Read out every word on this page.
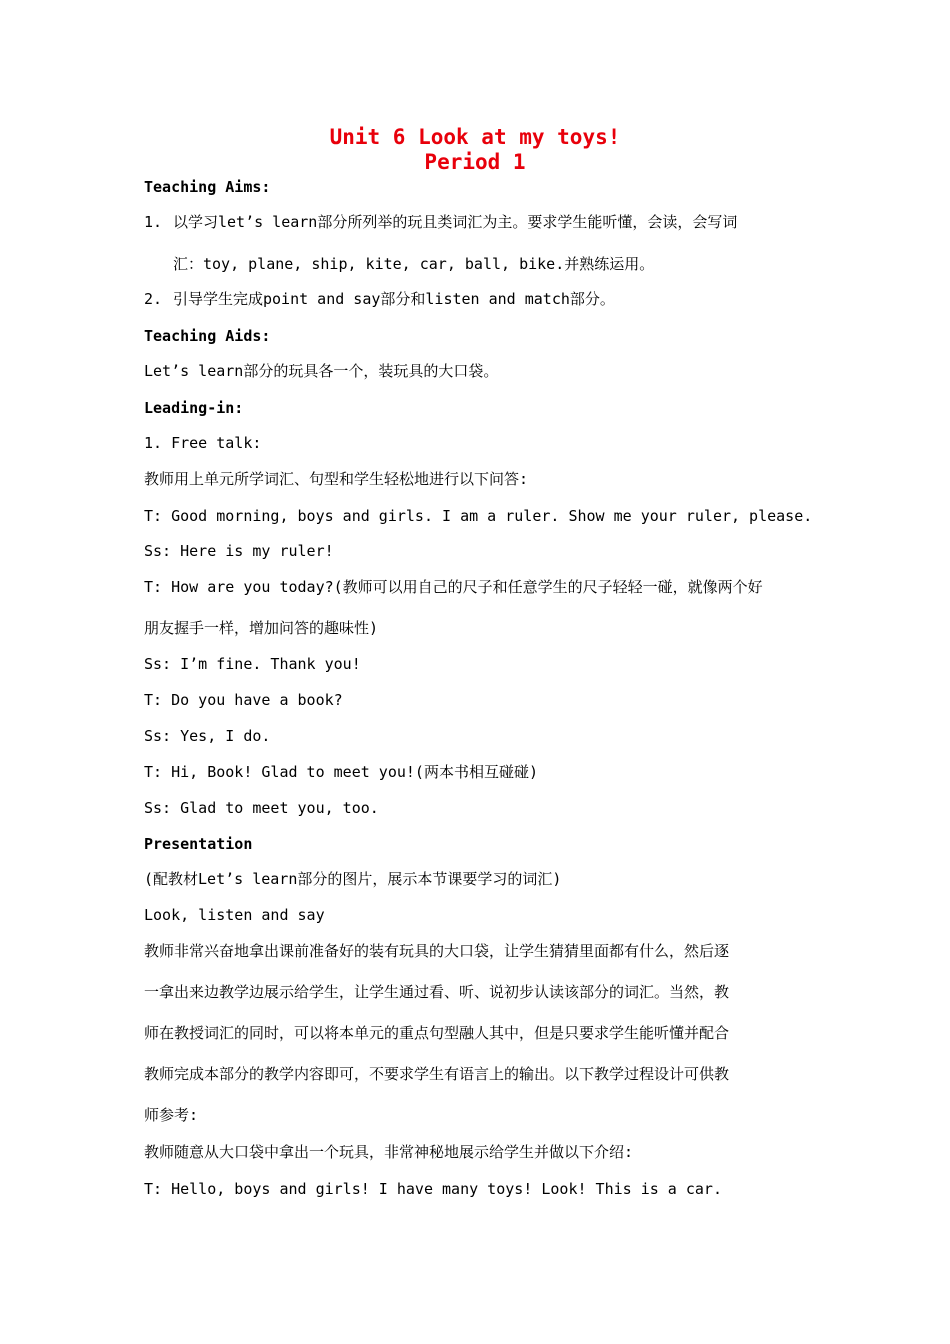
Unit 6 Look at my toys!
Period 1

Teaching Aims:

1. 以学习let’s learn部分所列举的玩且类词汇为主。要求学生能听懂，会读，会写词

汇：toy, plane, ship, kite, car, ball, bike.并熟练运用。

2. 引导学生完成point and say部分和listen and match部分。

Teaching Aids:

Let’s learn部分的玩具各一个，装玩具的大口袋。

Leading-in:

1. Free talk:

教师用上单元所学词汇、句型和学生轻松地进行以下问答:

T: Good morning, boys and girls. I am a ruler. Show me your ruler, please.

Ss: Here is my ruler!

T: How are you today?(教师可以用自己的尺子和任意学生的尺子轻轻一碰，就像两个好

朋友握手一样，增加问答的趣味性)

Ss: I’m fine. Thank you!

T: Do you have a book?

Ss: Yes, I do.

T: Hi, Book! Glad to meet you!(两本书相互碰碰)

Ss: Glad to meet you, too.

Presentation

(配教材Let’s learn部分的图片，展示本节课要学习的词汇)

Look, listen and say

教师非常兴奋地拿出课前准备好的装有玩具的大口袋，让学生猜猜里面都有什么，然后逐

一拿出来边教学边展示给学生，让学生通过看、听、说初步认读该部分的词汇。当然，教

师在教授词汇的同时，可以将本单元的重点句型融人其中，但是只要求学生能听懂并配合

教师完成本部分的教学内容即可，不要求学生有语言上的输出。以下教学过程设计可供教

师参考:

教师随意从大口袋中拿出一个玩具，非常神秘地展示给学生并做以下介绍:

T: Hello, boys and girls! I have many toys! Look! This is a car.
